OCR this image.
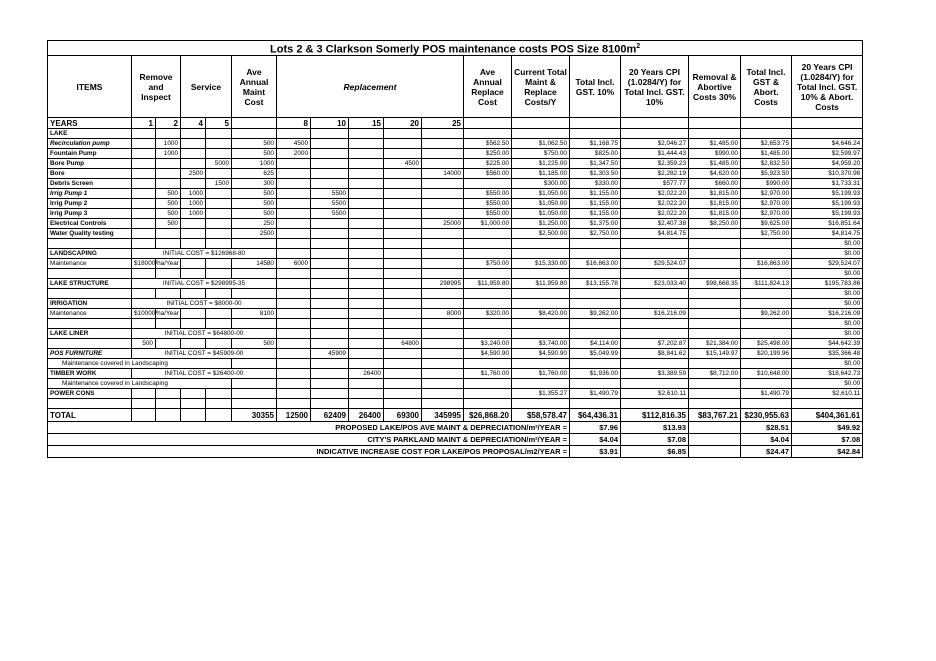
Lots 2 & 3 Clarkson Somerly POS maintenance costs POS Size $8100m^2$
ITEMS	Remove and Inspect		Service		Ave Annual Maint Cost	Replacement					Ave Annual Replace Cost	Current Total Maint & Replace Costs/Y	Total Incl. GST. 10%	20 Years CPI (1.0284/Y) for Total Incl. GST. 10%	Removal & Abortive Costs 30%	Total Incl. GST & Abort. Costs	20 Years CPI (1.0284/Y) for Total Incl. GST. 10% & Abort. Costs
YEARS	1	2	4	5		8	10	15	20	25							
LAKE																	
Recirculation pump		1000			500	4500					$562.50	$1,062.50	$1,168.75	$2,046.27	$1,485.00	$2,653.75	$4,646.24
Fountain Pump		1000			500	2000					$250.00	$750.00	$825.00	$1,444.43	$990.00	$1,485.00	$2,599.97
Bore Pump				5000	1000				4500		$225.00	$1,225.00	$1,347.50	$2,359.23	$1,485.00	$2,832.50	$4,959.20
Bore			2500		625					14000	$560.00	$1,185.00	$1,303.50	$2,282.19	$4,620.00	$5,923.50	$10,370.98
Debris Screen				1500	300							$300.00	$330.00	$577.77	$660.00	$990.00	$1,733.31
Irrig Pump 1		500	1000		500		5500				$550.00	$1,050.00	$1,155.00	$2,022.20	$1,815.00	$2,970.00	$5,199.93
Irrig Pump 2		500	1000		500		5500				$550.00	$1,050.00	$1,155.00	$2,022.20	$1,815.00	$2,970.00	$5,199.93
Irrig Pump 3		500	1000		500		5500				$550.00	$1,050.00	$1,155.00	$2,022.20	$1,815.00	$2,970.00	$5,199.93
Electrical Controls		500			250					25000	$1,000.00	$1,250.00	$1,375.00	$2,407.38	$8,250.00	$9,625.00	$16,851.64
Water Quality testing					2500							$2,500.00	$2,750.00	$4,814.75		$2,750.00	$4,814.75
																	$0.00
LANDSCAPING	INITIAL COST = $126968-80																$0.00
Maintenance	$18000/ha/Year				14580	6000					$750.00	$15,330.00	$16,863.00	$29,524.07		$16,863.00	$29,524.07
																	$0.00
LAKE STRUCTURE	INITIAL COST = $298995-35									298995	$11,959.80	$11,959.80	$13,155.78	$23,033.40	$98,668.35	$111,824.13	$195,783.86
																	$0.00
IRRIGATION	INITIAL COST = $8000-00																$0.00
Maintenance	$10000/ha/Year				8100					8000	$320.00	$8,420.00	$9,262.00	$16,216.09		$9,262.00	$16,216.09
																	$0.00
LAKE LINER	INITIAL COST = $64800-00																$0.00
	500				500				64800		$3,240.00	$3,740.00	$4,114.00	$7,202.87	$21,384.00	$25,498.00	$44,642.39
POS FURNITURE	INITIAL COST = $45909-00						45909				$4,590.90	$4,590.90	$5,049.99	$8,841.62	$15,149.97	$20,199.96	$35,366.48
Maintenance covered in Landscaping																	$0.00
TIMBER WORK	INITIAL COST = $26400-00							26400			$1,760.00	$1,760.00	$1,936.00	$3,389.59	$8,712.00	$10,648.00	$18,642.73
Maintenance covered in Landscaping																	$0.00
POWER CONS												$1,355.27	$1,490.79	$2,610.11		$1,490.79	$2,610.11

TOTAL					30355	12500	62409	26400	69300	345995	$26,868.20	$58,578.47	$64,436.31	$112,816.35	$83,767.21	$230,955.63	$404,361.61
PROPOSED LAKE/POS AVE MAINT & DEPRECIATION/m²/YEAR =													$7.96	$13.93		$28.51	$49.92
CITY'S PARKLAND MAINT & DEPRECIATION/m²/YEAR =													$4.04	$7.08		$4.04	$7.08
INDICATIVE INCREASE COST FOR LAKE/POS PROPOSAL/m2/YEAR =													$3.91	$6.85		$24.47	$42.84
